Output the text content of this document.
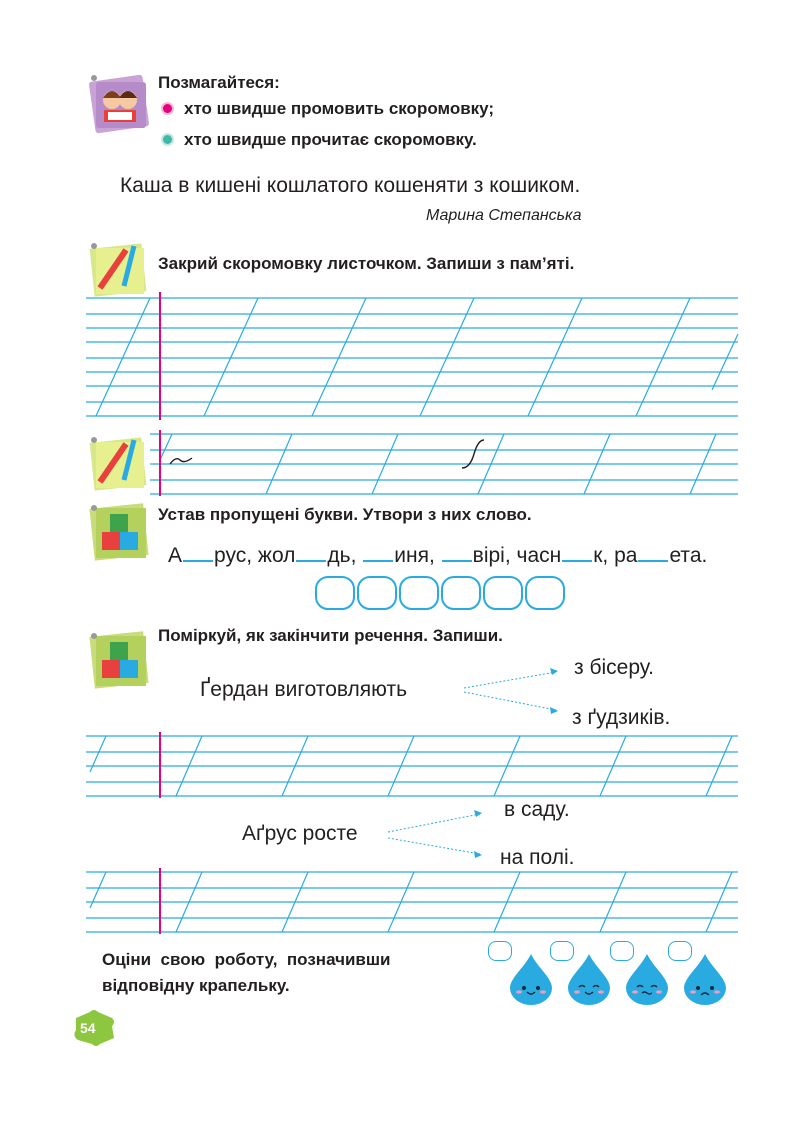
Позмагайтеся:
хто швидше промовить скоромовку;
хто швидше прочитає скоромовку.
Каша в кишені кошлатого кошеняти з кошиком.
Марина Степанська
Закрий скоромовку листочком. Запиши з пам’яті.
Устав пропущені букви. Утвори з них слово.
А рус, жол дь, иня, вірі, часн к, ра ета.
Поміркуй, як закінчити речення. Запиши.
Ґердан виготовляють
з бісеру.
з ґудзиків.
Аґрус росте
в саду.
на полі.
Оціни  свою  роботу,  позначивши
відповідну крапельку.
54
